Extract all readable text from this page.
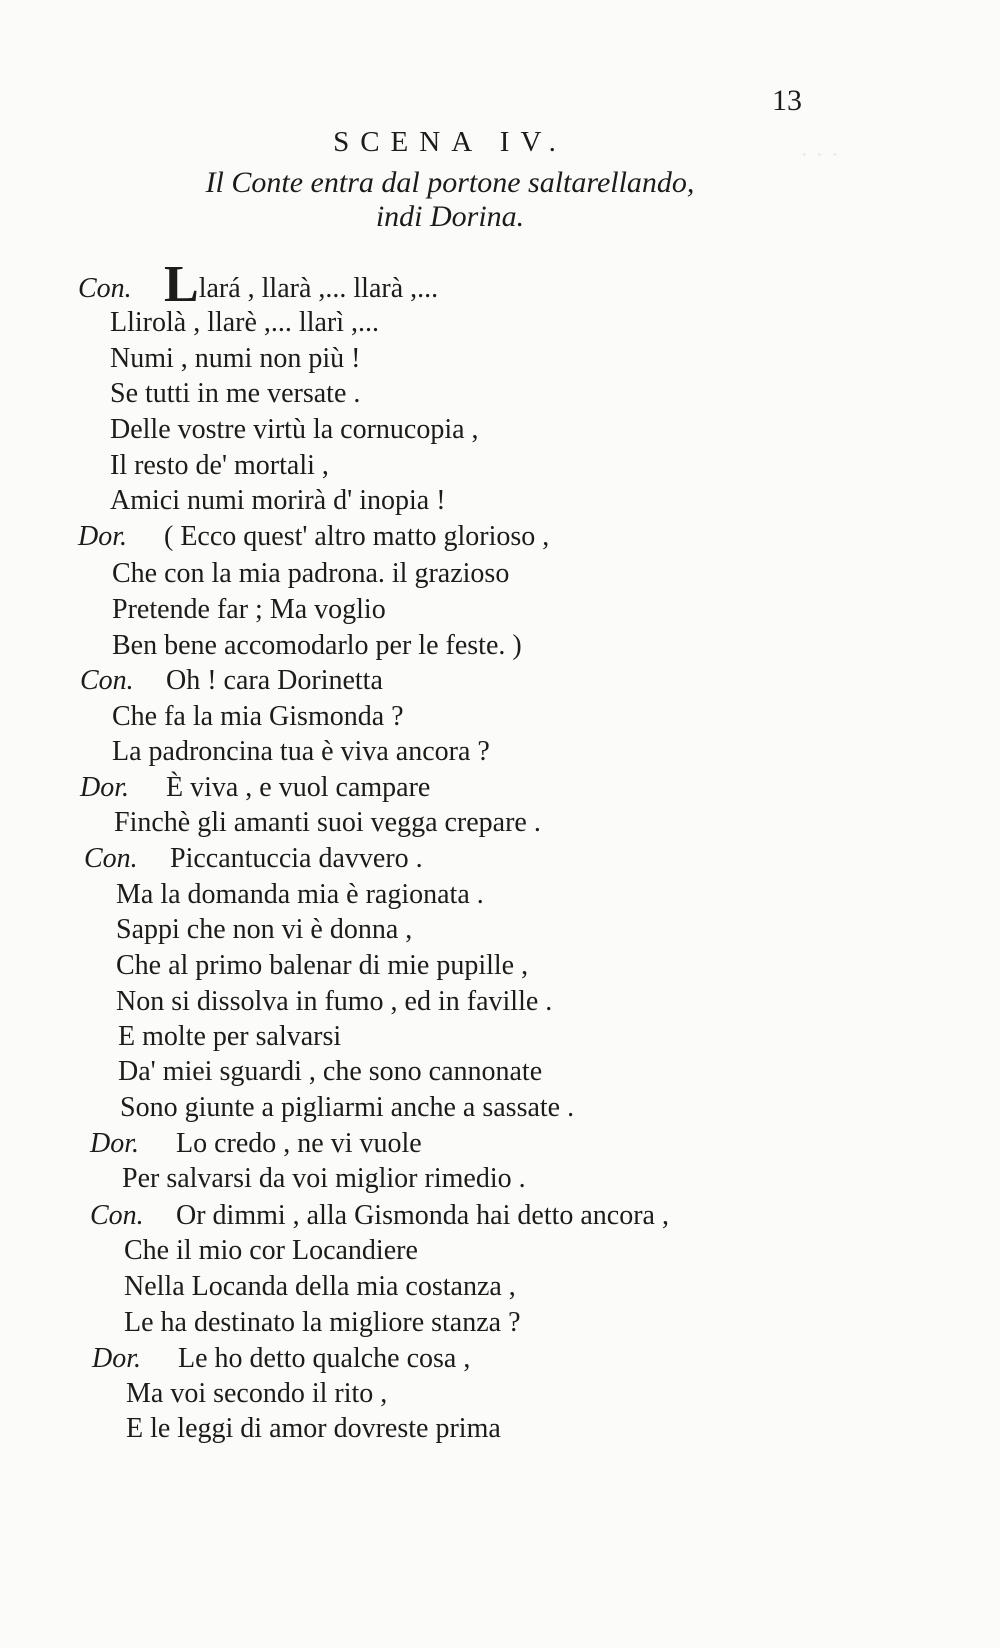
· · ·
13
SCENA IV.
Il Conte entra dal portone saltarellando,
indi Dorina.
Con. Llará , llarà ,... llarà ,...
Llirolà , llarè ,... llarì ,...
Numi , numi non più !
Se tutti in me versate .
Delle vostre virtù la cornucopia ,
Il resto de' mortali ,
Amici numi morirà d' inopia !
Dor. ( Ecco quest' altro matto glorioso ,
Che con la mia padrona. il grazioso
Pretende far ; Ma voglio
Ben bene accomodarlo per le feste. )
Con. Oh ! cara Dorinetta
Che fa la mia Gismonda ?
La padroncina tua è viva ancora ?
Dor. È viva , e vuol campare
Finchè gli amanti suoi vegga crepare .
Con. Piccantuccia davvero .
Ma la domanda mia è ragionata .
Sappi che non vi è donna ,
Che al primo balenar di mie pupille ,
Non si dissolva in fumo , ed in faville .
E molte per salvarsi
Da' miei sguardi , che sono cannonate
Sono giunte a pigliarmi anche a sassate .
Dor. Lo credo , ne vi vuole
Per salvarsi da voi miglior rimedio .
Con. Or dimmi , alla Gismonda hai detto ancora ,
Che il mio cor Locandiere
Nella Locanda della mia costanza ,
Le ha destinato la migliore stanza ?
Dor. Le ho detto qualche cosa ,
Ma voi secondo il rito ,
E le leggi di amor dovreste prima
